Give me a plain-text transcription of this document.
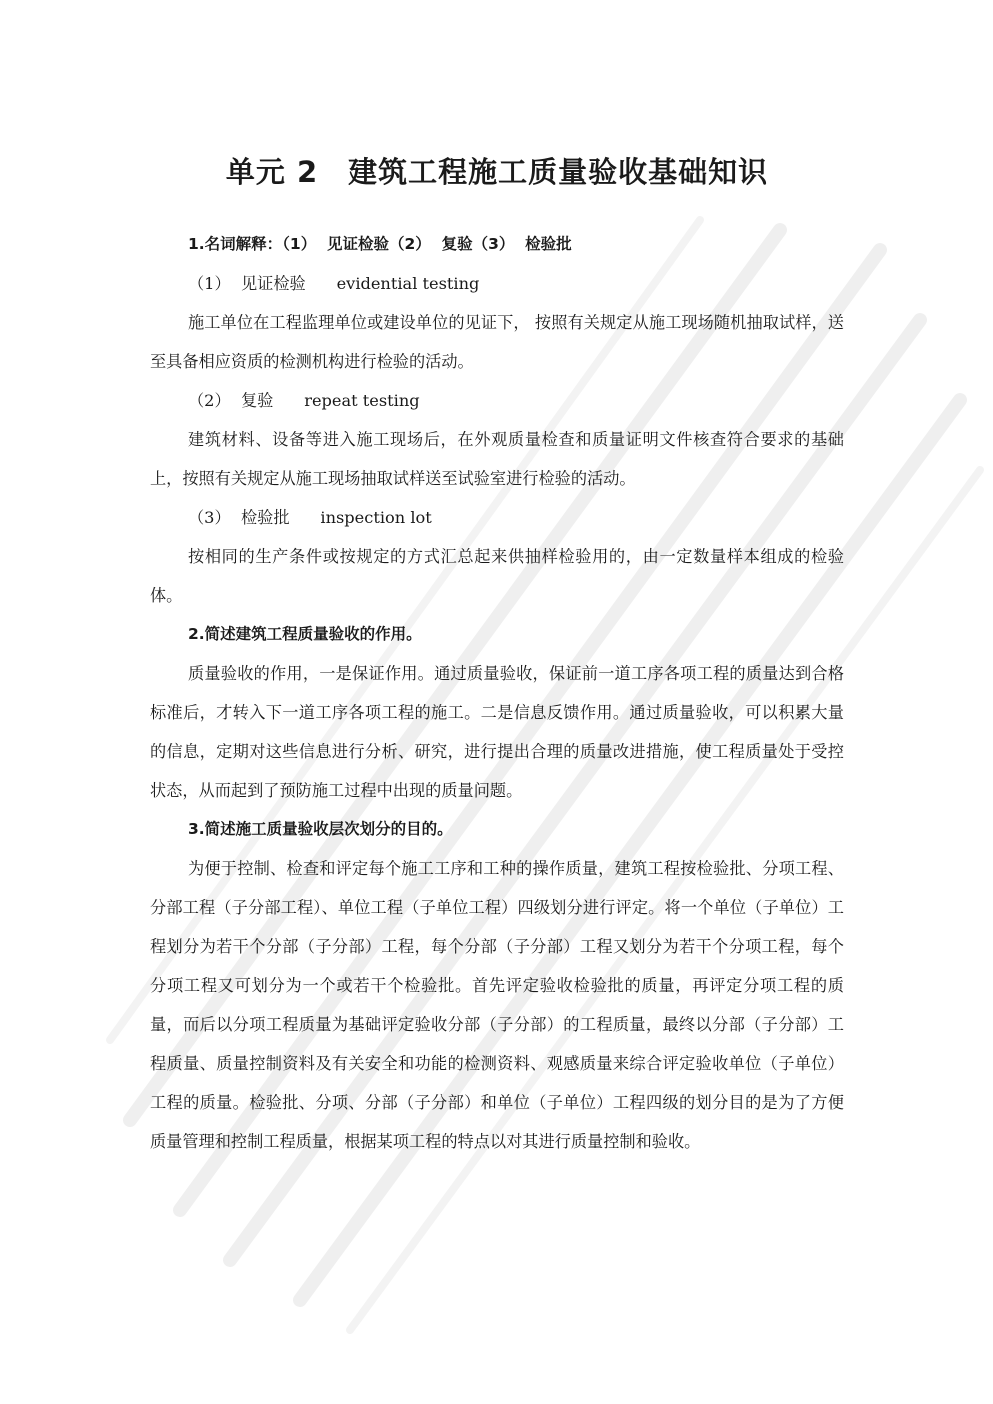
单元 2　建筑工程施工质量验收基础知识
1.名词解释：（1）  见证检验（2）  复验（3）  检验批
（1）  见证检验      evidential testing

施工单位在工程监理单位或建设单位的见证下， 按照有关规定从施工现场随机抽取试样，送至具备相应资质的检测机构进行检验的活动。

（2）  复验      repeat testing

建筑材料、设备等进入施工现场后，在外观质量检查和质量证明文件核查符合要求的基础上，按照有关规定从施工现场抽取试样送至试验室进行检验的活动。

（3）  检验批      inspection lot

按相同的生产条件或按规定的方式汇总起来供抽样检验用的，由一定数量样本组成的检验体。

2.简述建筑工程质量验收的作用。

质量验收的作用，一是保证作用。通过质量验收，保证前一道工序各项工程的质量达到合格标准后，才转入下一道工序各项工程的施工。二是信息反馈作用。通过质量验收，可以积累大量的信息，定期对这些信息进行分析、研究，进行提出合理的质量改进措施，使工程质量处于受控状态，从而起到了预防施工过程中出现的质量问题。

3.简述施工质量验收层次划分的目的。

为便于控制、检查和评定每个施工工序和工种的操作质量，建筑工程按检验批、分项工程、分部工程（子分部工程）、单位工程（子单位工程）四级划分进行评定。将一个单位（子单位）工程划分为若干个分部（子分部）工程，每个分部（子分部）工程又划分为若干个分项工程，每个分项工程又可划分为一个或若干个检验批。首先评定验收检验批的质量，再评定分项工程的质量，而后以分项工程质量为基础评定验收分部（子分部）的工程质量，最终以分部（子分部）工程质量、质量控制资料及有关安全和功能的检测资料、观感质量来综合评定验收单位（子单位）工程的质量。检验批、分项、分部（子分部）和单位（子单位）工程四级的划分目的是为了方便质量管理和控制工程质量，根据某项工程的特点以对其进行质量控制和验收。
